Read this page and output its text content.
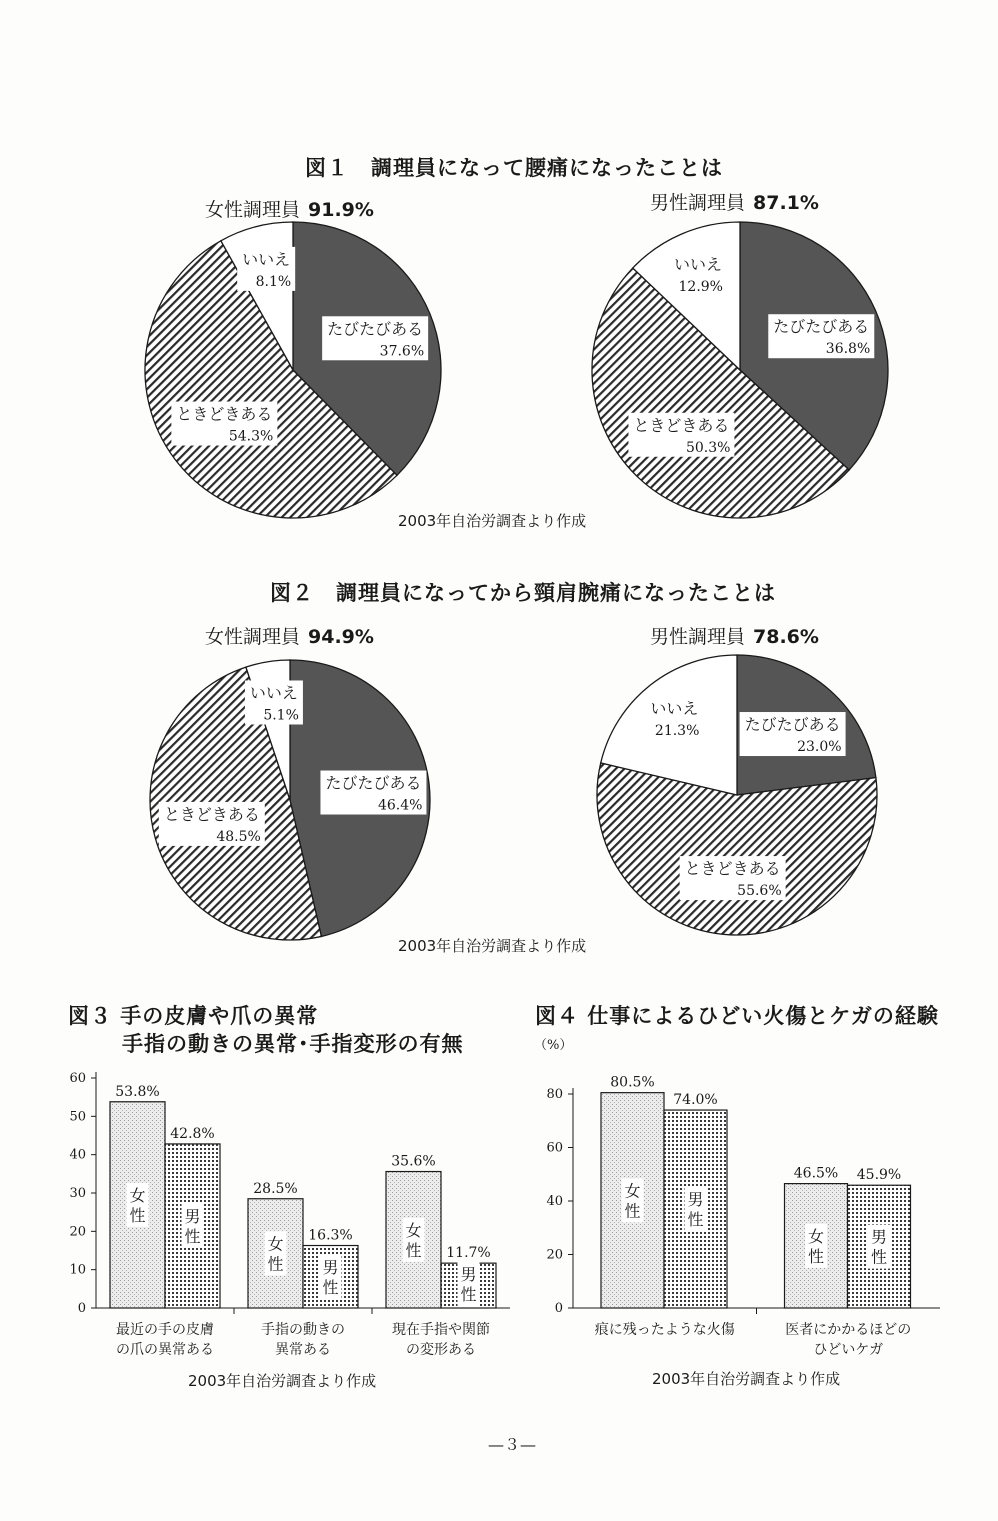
図１　調理員になって腰痛になったことは
女性調理員 91.9%	男性調理員 87.1%
2003年自治労調査より作成
図２　調理員になってから頸肩腕痛になったことは
女性調理員 94.9%	男性調理員 78.6%
2003年自治労調査より作成
図３ 手の皮膚や爪の異常
手指の動きの異常･手指変形の有無
2003年自治労調査より作成
図４ 仕事によるひどい火傷とケガの経験
（%）
2003年自治労調査より作成
—３—
たびたびある
37.6%
ときどきある
54.3%
いいえ
8.1%
たびたびある
36.8%
ときどきある
50.3%
いいえ
12.9%
たびたびある
46.4%
ときどきある
48.5%
いいえ
5.1%	たびたびある
23.0%
ときどきある
55.6%
いいえ
21.3%
0
10
20
30
40
50
60
53.8%
女
性
42.8%
男
性
最近の手の皮膚
の爪の異常ある
28.5%
女
性
16.3%
男
性
手指の動きの
異常ある
35.6%
女
性 11.7%
男
性
現在手指や関節
の変形ある
0
20
40
60
80
80.5%
女
性
74.0%
男
性
痕に残ったような火傷
46.5%
女
性
45.9%
男
性
医者にかかるほどの
ひどいケガ
